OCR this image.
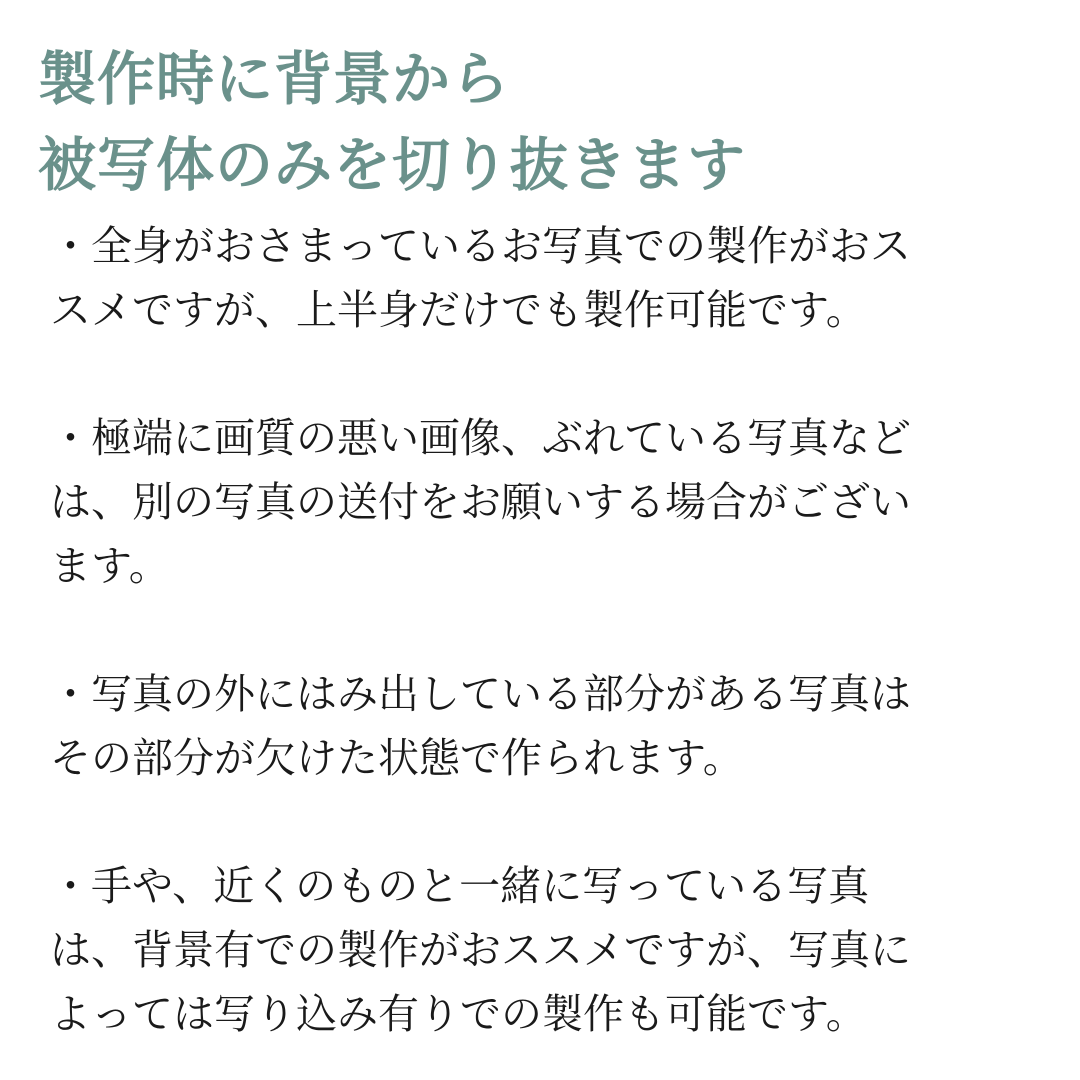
製作時に背景から
被写体のみを切り抜きます
・全身がおさまっているお写真での製作がおス
スメですが、上半身だけでも製作可能です。
・極端に画質の悪い画像、ぶれている写真など
は、別の写真の送付をお願いする場合がござい
ます。
・写真の外にはみ出している部分がある写真は
その部分が欠けた状態で作られます。
・手や、近くのものと一緒に写っている写真
は、背景有での製作がおススメですが、写真に
よっては写り込み有りでの製作も可能です。
